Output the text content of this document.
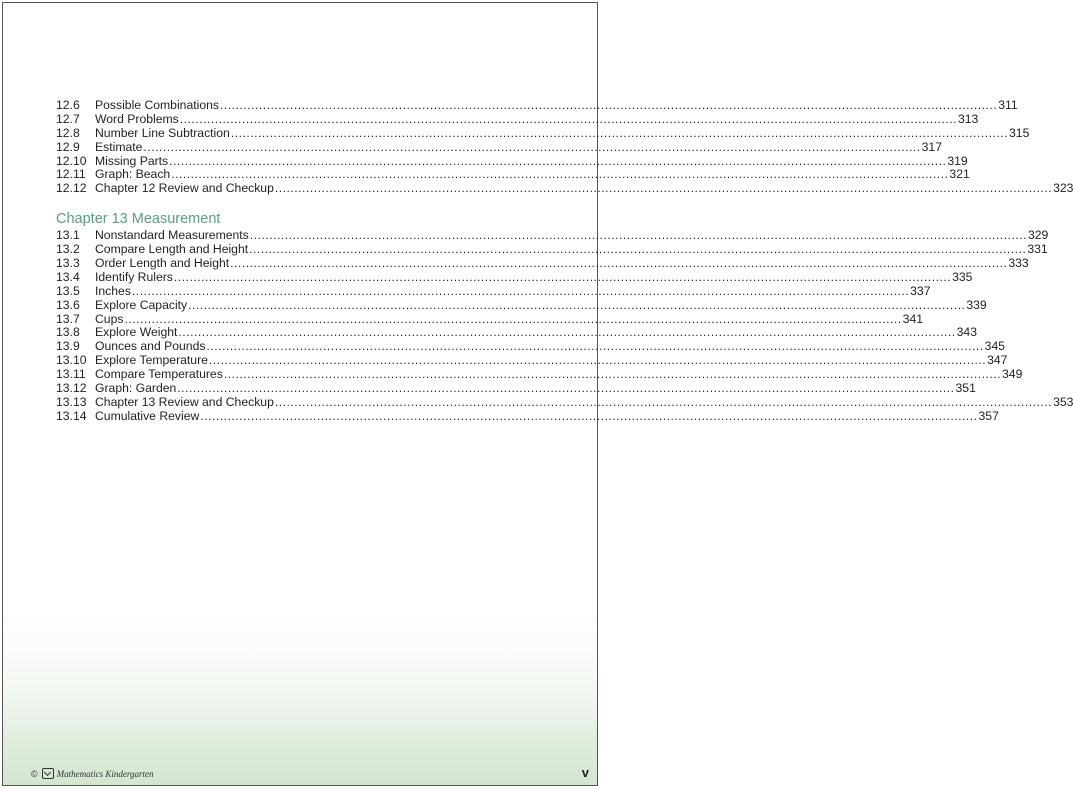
12.6	Possible Combinations ........................................................................................................................................................................................................ 311
12.7	Word Problems ........................................................................................................................................................................................................ 313
12.8	Number Line Subtraction ........................................................................................................................................................................................................ 315
12.9	Estimate ........................................................................................................................................................................................................ 317
12.10 Missing Parts ........................................................................................................................................................................................................ 319
12.11 Graph: Beach ........................................................................................................................................................................................................ 321
12.12 Chapter 12 Review and Checkup ........................................................................................................................................................................................................ 323
Chapter 13 Measurement
13.1	Nonstandard Measurements ........................................................................................................................................................................................................ 329
13.2	Compare Length and Height ........................................................................................................................................................................................................ 331
13.3	Order Length and Height ........................................................................................................................................................................................................ 333
13.4	Identify Rulers ........................................................................................................................................................................................................ 335
13.5	Inches ........................................................................................................................................................................................................ 337
13.6	Explore Capacity ........................................................................................................................................................................................................ 339
13.7	Cups ........................................................................................................................................................................................................ 341
13.8	Explore Weight ........................................................................................................................................................................................................ 343
13.9	Ounces and Pounds ........................................................................................................................................................................................................ 345
13.10 Explore Temperature ........................................................................................................................................................................................................ 347
13.11 Compare Temperatures ........................................................................................................................................................................................................ 349
13.12 Graph: Garden ........................................................................................................................................................................................................ 351
13.13 Chapter 13 Review and Checkup ........................................................................................................................................................................................................ 353
13.14 Cumulative Review ........................................................................................................................................................................................................ 357
© Mathematics Kindergarten	v
